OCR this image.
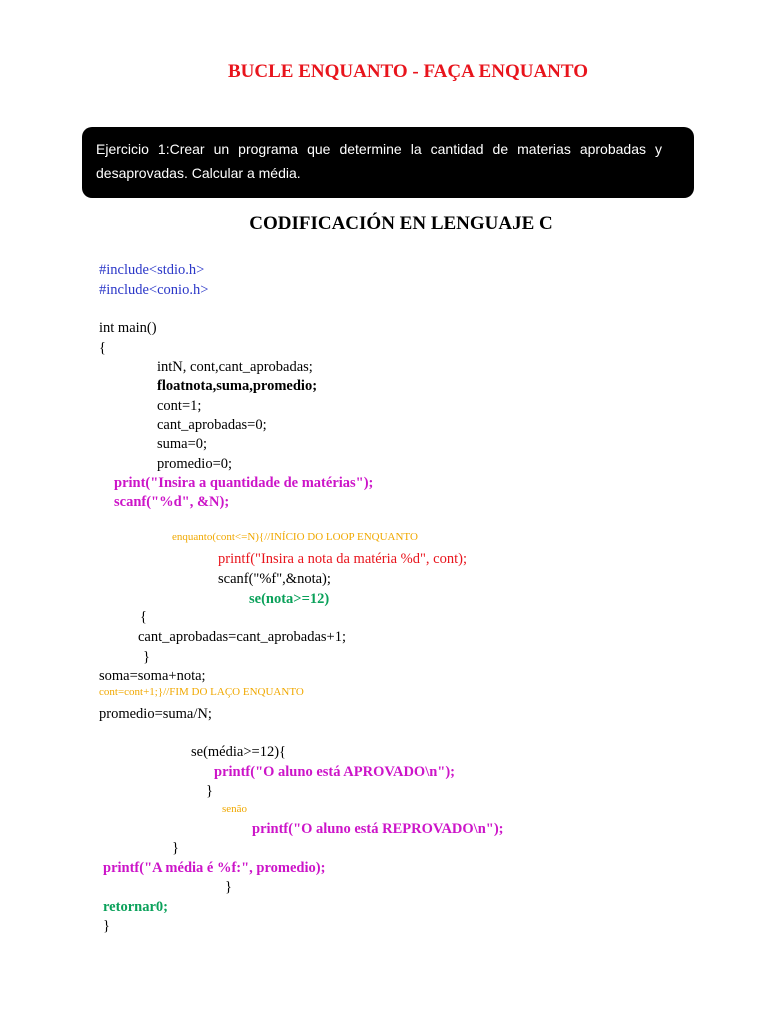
BUCLE ENQUANTO - FAÇA ENQUANTO
Ejercicio 1:Crear un programa que determine la cantidad de materias aprobadas y desaprovadas. Calcular a média.
CODIFICACIÓN EN LENGUAJE C
#include<stdio.h>
#include<conio.h>
int main()
{
intN, cont,cant_aprobadas;
floatnota,suma,promedio;
cont=1;
cant_aprobadas=0;
suma=0;
promedio=0;
print("Insira a quantidade de matérias");
scanf("%d", &N);
enquanto(cont<=N){//INÍCIO DO LOOP ENQUANTO
printf("Insira a nota da matéria %d", cont);
scanf("%f",&nota);
se(nota>=12)
{
cant_aprobadas=cant_aprobadas+1;
}
soma=soma+nota;
cont=cont+1;}//FIM DO LAÇO ENQUANTO
promedio=suma/N;
se(média>=12){
printf("O aluno está APROVADO\n");
}
senão
printf("O aluno está REPROVADO\n");
}
printf("A média é %f:", promedio);
}
retornar0;
}
